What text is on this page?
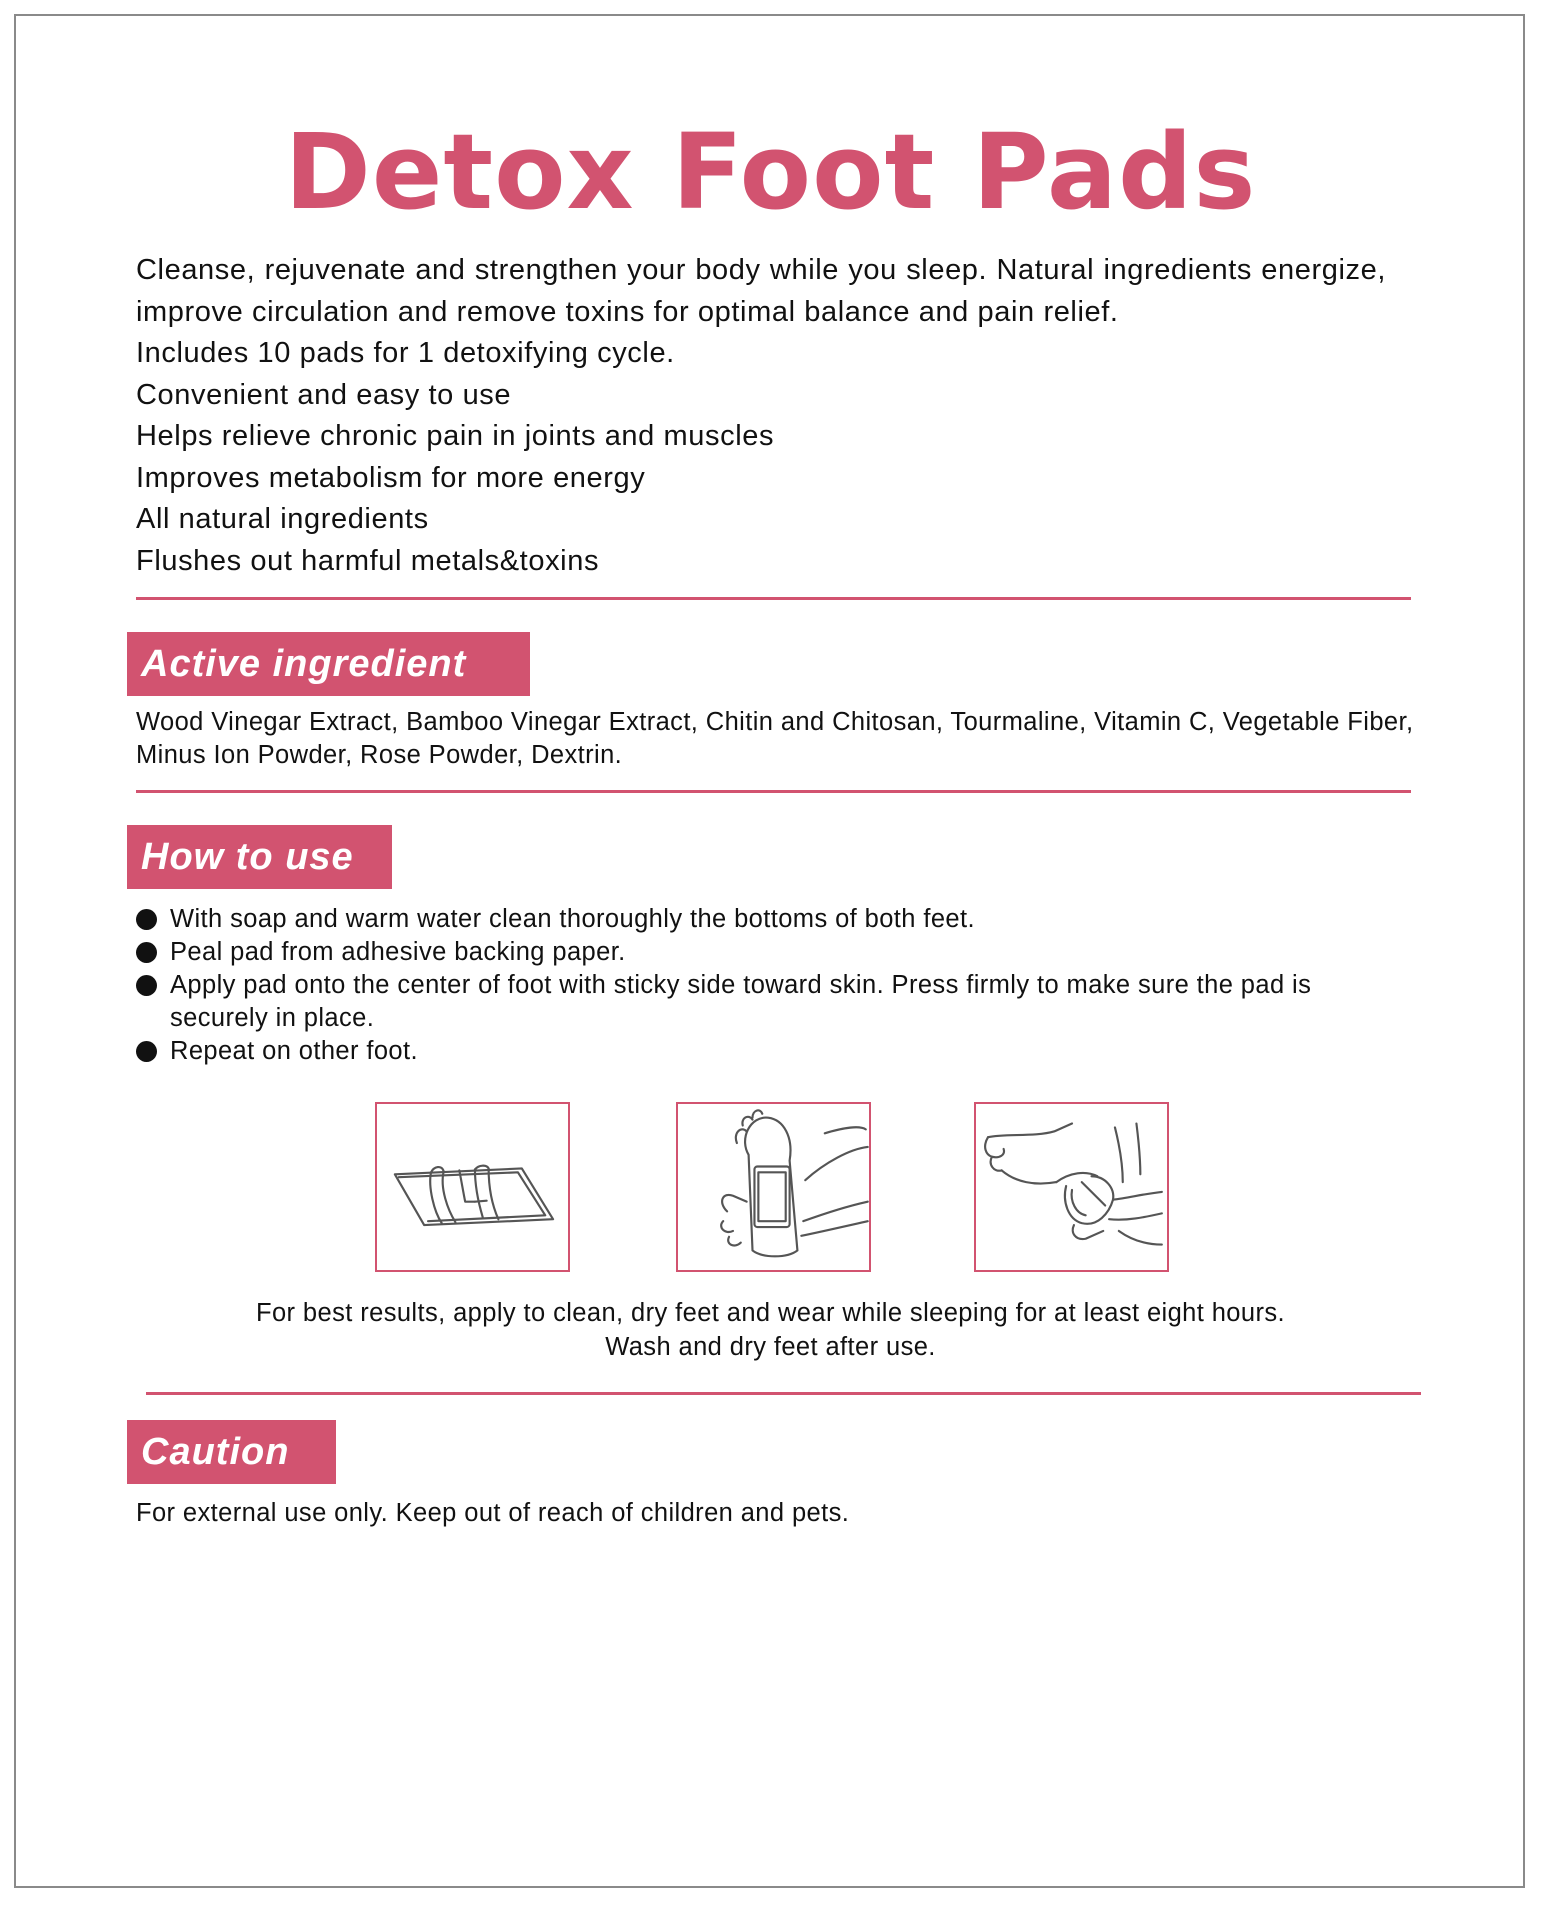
Detox Foot Pads
Cleanse, rejuvenate and strengthen your body while you sleep. Natural ingredients energize, improve circulation and remove toxins for optimal balance and pain relief.
Includes 10 pads for 1 detoxifying cycle.
Convenient and easy to use
Helps relieve chronic pain in joints and muscles
Improves metabolism for more energy
All natural ingredients
Flushes out harmful metals&toxins
Active ingredient
Wood Vinegar Extract, Bamboo Vinegar Extract, Chitin and Chitosan, Tourmaline, Vitamin C, Vegetable Fiber, Minus Ion Powder, Rose Powder, Dextrin.
How to use
With soap and warm water clean thoroughly the bottoms of both feet.
Peal pad from adhesive backing paper.
Apply pad onto the center of foot with sticky side toward skin. Press firmly to make sure the pad is securely in place.
Repeat on other foot.
For best results, apply to clean, dry feet and wear while sleeping for at least eight hours.
Wash and dry feet after use.
Caution
For external use only. Keep out of reach of children and pets.
